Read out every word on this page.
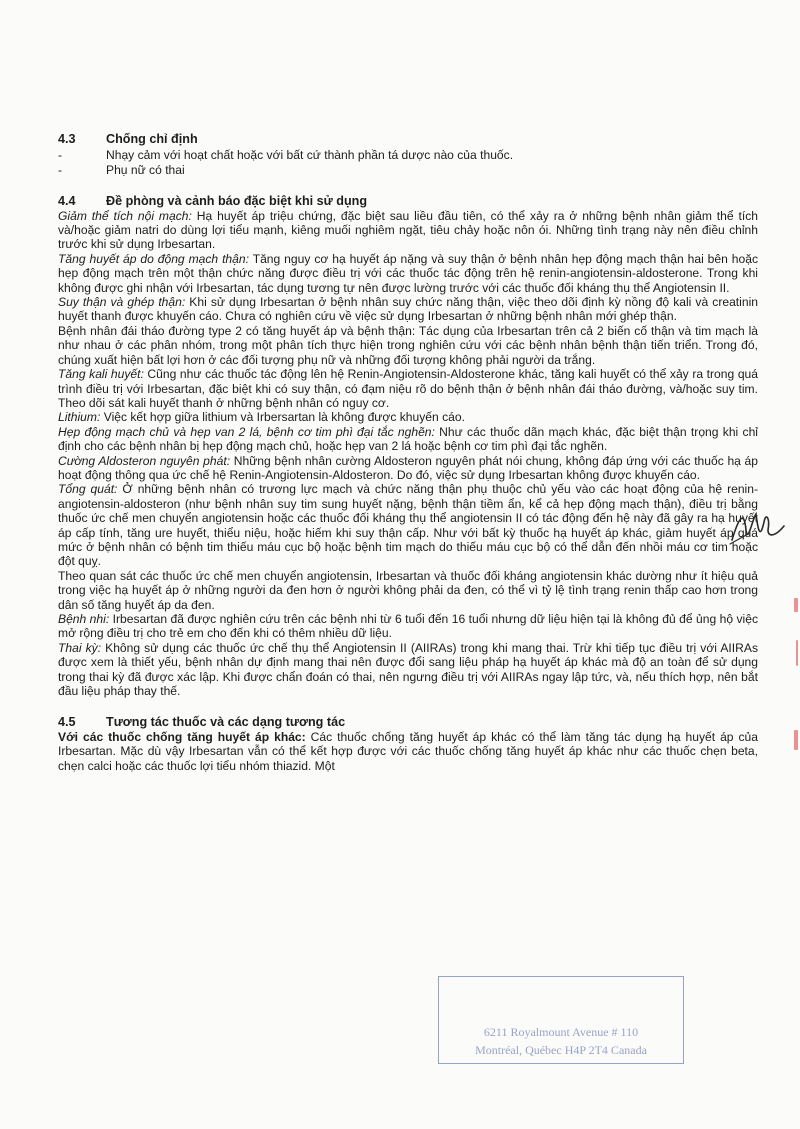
4.3	Chống chỉ định
-	Nhạy cảm với hoạt chất hoặc với bất cứ thành phần tá dược nào của thuốc.
-	Phụ nữ có thai
4.4	Đề phòng và cảnh báo đặc biệt khi sử dụng

Giảm thể tích nội mạch: Hạ huyết áp triệu chứng, đặc biệt sau liều đầu tiên, có thể xảy ra ở những bệnh nhân giảm thể tích và/hoặc giảm natri do dùng lợi tiểu mạnh, kiêng muối nghiêm ngặt, tiêu chảy hoặc nôn ói. Những tình trạng này nên điều chỉnh trước khi sử dụng Irbesartan.

Tăng huyết áp do động mạch thận: Tăng nguy cơ hạ huyết áp nặng và suy thận ở bệnh nhân hẹp động mạch thận hai bên hoặc hẹp động mạch trên một thận chức năng được điều trị với các thuốc tác động trên hệ renin-angiotensin-aldosterone. Trong khi không được ghi nhận với Irbesartan, tác dụng tương tự nên được lường trước với các thuốc đối kháng thụ thể Angiotensin II.

Suy thận và ghép thận: Khi sử dụng Irbesartan ở bệnh nhân suy chức năng thận, việc theo dõi định kỳ nồng độ kali và creatinin huyết thanh được khuyến cáo. Chưa có nghiên cứu về việc sử dụng Irbesartan ở những bệnh nhân mới ghép thận.

Bệnh nhân đái tháo đường type 2 có tăng huyết áp và bệnh thận: Tác dụng của Irbesartan trên cả 2 biến cố thận và tim mạch là như nhau ở các phân nhóm, trong một phân tích thực hiện trong nghiên cứu với các bệnh nhân bệnh thận tiến triển. Trong đó, chúng xuất hiện bất lợi hơn ở các đối tượng phụ nữ và những đối tượng không phải người da trắng.

Tăng kali huyết: Cũng như các thuốc tác động lên hệ Renin-Angiotensin-Aldosterone khác, tăng kali huyết có thể xảy ra trong quá trình điều trị với Irbesartan, đặc biệt khi có suy thận, có đạm niệu rõ do bệnh thận ở bệnh nhân đái tháo đường, và/hoặc suy tim. Theo dõi sát kali huyết thanh ở những bệnh nhân có nguy cơ.

Lithium: Việc kết hợp giữa lithium và Irbersartan là không được khuyến cáo.

Hẹp động mạch chủ và hẹp van 2 lá, bệnh cơ tim phì đại tắc nghẽn: Như các thuốc dãn mạch khác, đặc biệt thận trọng khi chỉ định cho các bệnh nhân bị hẹp động mạch chủ, hoặc hẹp van 2 lá hoặc bệnh cơ tim phì đại tắc nghẽn.

Cường Aldosteron nguyên phát: Những bệnh nhân cường Aldosteron nguyên phát nói chung, không đáp ứng với các thuốc hạ áp hoạt động thông qua ức chế hệ Renin-Angiotensin-Aldosteron. Do đó, việc sử dụng Irbesartan không được khuyến cáo.

Tổng quát: Ở những bệnh nhân có trương lực mạch và chức năng thận phụ thuộc chủ yếu vào các hoạt động của hệ renin-angiotensin-aldosteron (như bệnh nhân suy tim sung huyết nặng, bệnh thận tiềm ẩn, kể cả hẹp động mạch thận), điều trị bằng thuốc ức chế men chuyển angiotensin hoặc các thuốc đối kháng thụ thể angiotensin II có tác động đến hệ này đã gây ra hạ huyết áp cấp tính, tăng ure huyết, thiểu niệu, hoặc hiếm khi suy thận cấp. Như với bất kỳ thuốc hạ huyết áp khác, giảm huyết áp quá mức ở bệnh nhân có bệnh tim thiếu máu cục bộ hoặc bệnh tim mạch do thiếu máu cục bộ có thể dẫn đến nhồi máu cơ tim hoặc đột quỵ.

Theo quan sát các thuốc ức chế men chuyển angiotensin, Irbesartan và thuốc đối kháng angiotensin khác dường như ít hiệu quả trong việc hạ huyết áp ở những người da đen hơn ở người không phải da đen, có thể vì tỷ lệ tình trạng renin thấp cao hơn trong dân số tăng huyết áp da đen.

Bệnh nhi: Irbesartan đã được nghiên cứu trên các bệnh nhi từ 6 tuổi đến 16 tuổi nhưng dữ liệu hiện tại là không đủ để ủng hộ việc mở rộng điều trị cho trẻ em cho đến khi có thêm nhiều dữ liệu.

Thai kỳ: Không sử dụng các thuốc ức chế thụ thể Angiotensin II (AIIRAs) trong khi mang thai. Trừ khi tiếp tục điều trị với AIIRAs được xem là thiết yếu, bệnh nhân dự định mang thai nên được đổi sang liệu pháp hạ huyết áp khác mà độ an toàn để sử dụng trong thai kỳ đã được xác lập. Khi được chẩn đoán có thai, nên ngưng điều trị với AIIRAs ngay lập tức, và, nếu thích hợp, nên bắt đầu liệu pháp thay thế.

4.5	Tương tác thuốc và các dạng tương tác

Với các thuốc chống tăng huyết áp khác: Các thuốc chống tăng huyết áp khác có thể làm tăng tác dụng hạ huyết áp của Irbesartan. Mặc dù vậy Irbesartan vẫn có thể kết hợp được với các thuốc chống tăng huyết áp khác như các thuốc chẹn beta, chẹn calci hoặc các thuốc lợi tiểu nhóm thiazid. Một

6211 Royalmount Avenue # 110
Montréal, Québec H4P 2T4 Canada
